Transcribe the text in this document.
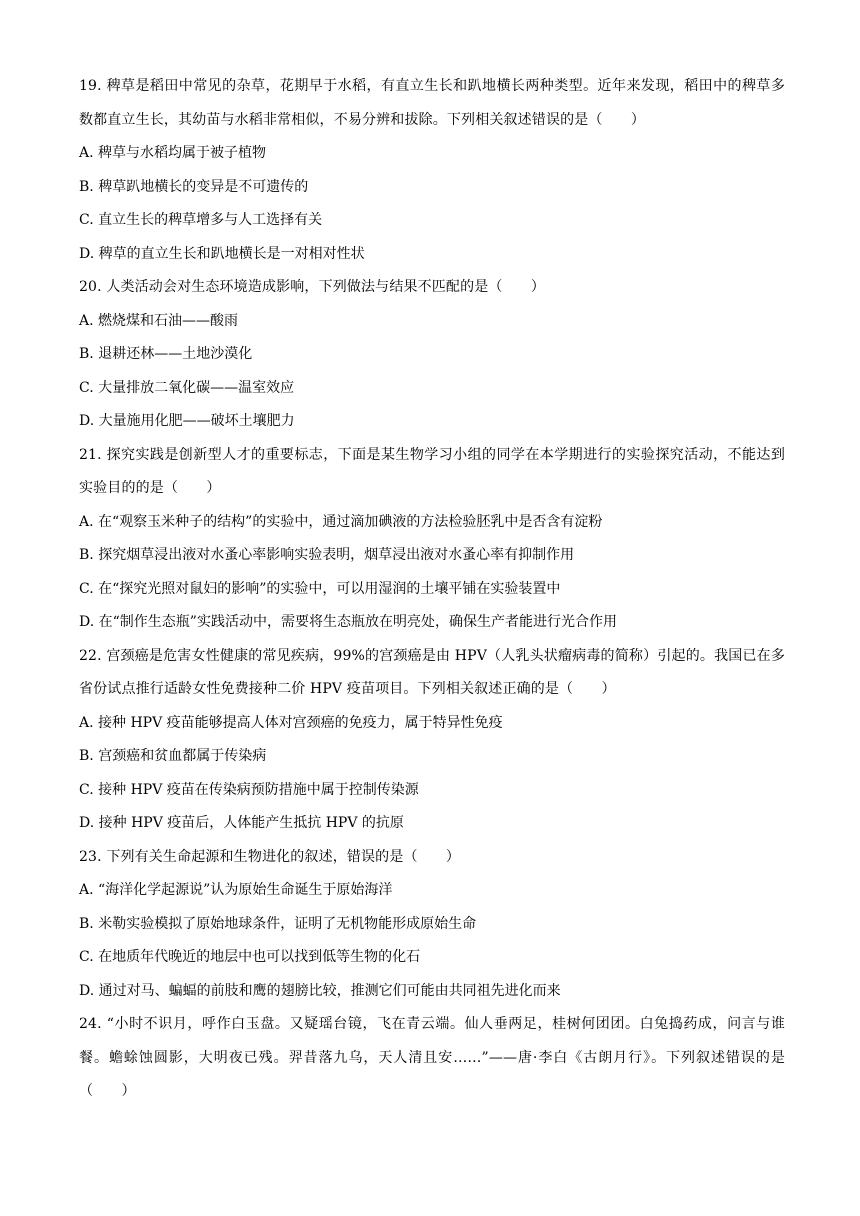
19. 稗草是稻田中常见的杂草，花期早于水稻，有直立生长和趴地横长两种类型。近年来发现，稻田中的稗草多数都直立生长，其幼苗与水稻非常相似，不易分辨和拔除。下列相关叙述错误的是（　　）

A. 稗草与水稻均属于被子植物
B. 稗草趴地横长的变异是不可遗传的
C. 直立生长的稗草增多与人工选择有关
D. 稗草的直立生长和趴地横长是一对相对性状

20. 人类活动会对生态环境造成影响，下列做法与结果不匹配的是（　　）

A. 燃烧煤和石油——酸雨
B. 退耕还林——土地沙漠化
C. 大量排放二氧化碳——温室效应
D. 大量施用化肥——破坏土壤肥力

21. 探究实践是创新型人才的重要标志，下面是某生物学习小组的同学在本学期进行的实验探究活动，不能达到实验目的的是（　　）

A. 在“观察玉米种子的结构”的实验中，通过滴加碘液的方法检验胚乳中是否含有淀粉
B. 探究烟草浸出液对水蚤心率影响实验表明，烟草浸出液对水蚤心率有抑制作用
C. 在“探究光照对鼠妇的影响”的实验中，可以用湿润的土壤平铺在实验装置中
D. 在“制作生态瓶”实践活动中，需要将生态瓶放在明亮处，确保生产者能进行光合作用

22. 宫颈癌是危害女性健康的常见疾病，99%的宫颈癌是由 HPV（人乳头状瘤病毒的简称）引起的。我国已在多省份试点推行适龄女性免费接种二价 HPV 疫苗项目。下列相关叙述正确的是（　　）

A. 接种 HPV 疫苗能够提高人体对宫颈癌的免疫力，属于特异性免疫
B. 宫颈癌和贫血都属于传染病
C. 接种 HPV 疫苗在传染病预防措施中属于控制传染源
D. 接种 HPV 疫苗后，人体能产生抵抗 HPV 的抗原

23. 下列有关生命起源和生物进化的叙述，错误的是（　　）

A. “海洋化学起源说”认为原始生命诞生于原始海洋
B. 米勒实验模拟了原始地球条件，证明了无机物能形成原始生命
C. 在地质年代晚近的地层中也可以找到低等生物的化石
D. 通过对马、蝙蝠的前肢和鹰的翅膀比较，推测它们可能由共同祖先进化而来

24. “小时不识月，呼作白玉盘。又疑瑶台镜，飞在青云端。仙人垂两足，桂树何团团。白兔捣药成，问言与谁餐。蟾蜍蚀圆影，大明夜已残。羿昔落九乌，天人清且安……”——唐·李白《古朗月行》。下列叙述错误的是（　　）
